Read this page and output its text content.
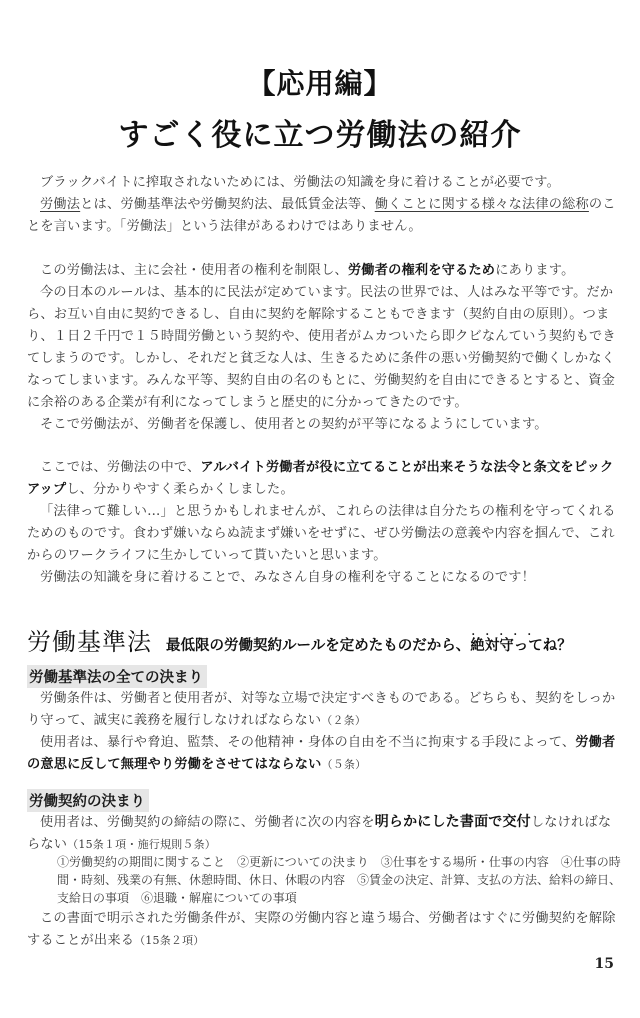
【応用編】
すごく役に立つ労働法の紹介

ブラックバイトに搾取されないためには、労働法の知識を身に着けることが必要です。

労働法とは、労働基準法や労働契約法、最低賃金法等、働くことに関する様々な法律の総称のことを言います。「労働法」という法律があるわけではありません。

この労働法は、主に会社・使用者の権利を制限し、労働者の権利を守るためにあります。

今の日本のルールは、基本的に民法が定めています。民法の世界では、人はみな平等です。だから、お互い自由に契約できるし、自由に契約を解除することもできます（契約自由の原則）。つまり、１日２千円で１５時間労働という契約や、使用者がムカついたら即クビなんていう契約もできてしまうのです。しかし、それだと貧乏な人は、生きるために条件の悪い労働契約で働くしかなくなってしまいます。みんな平等、契約自由の名のもとに、労働契約を自由にできるとすると、資金に余裕のある企業が有利になってしまうと歴史的に分かってきたのです。

そこで労働法が、労働者を保護し、使用者との契約が平等になるようにしています。

ここでは、労働法の中で、アルバイト労働者が役に立てることが出来そうな法令と条文をピックアップし、分かりやすく柔らかくしました。

「法律って難しい…」と思うかもしれませんが、これらの法律は自分たちの権利を守ってくれるためのものです。食わず嫌いならぬ読まず嫌いをせずに、ぜひ労働法の意義や内容を掴んで、これからのワークライフに生かしていって貰いたいと思います。

労働法の知識を身に着けることで、みなさん自身の権利を守ることになるのです！

労働基準法 最低限の労働契約ルールを定めたものだから、・・・・・ 絶対守ってね？
労働基準法の全ての決まり

労働条件は、労働者と使用者が、対等な立場で決定すべきものである。どちらも、契約をしっかり守って、誠実に義務を履行しなければならない（２条）

使用者は、暴行や脅迫、監禁、その他精神・身体の自由を不当に拘束する手段によって、労働者の意思に反して無理やり労働をさせてはならない（５条）

労働契約の決まり

使用者は、労働契約の締結の際に、労働者に次の内容を明らかにした書面で交付しなければならない（15条１項・施行規則５条）

①労働契約の期間に関すること　②更新についての決まり　③仕事をする場所・仕事の内容　④仕事の時間・時刻、残業の有無、休憩時間、休日、休暇の内容　⑤賃金の決定、計算、支払の方法、給料の締日、支給日の事項　⑥退職・解雇についての事項

この書面で明示された労働条件が、実際の労働内容と違う場合、労働者はすぐに労働契約を解除することが出来る（15条２項）

15
